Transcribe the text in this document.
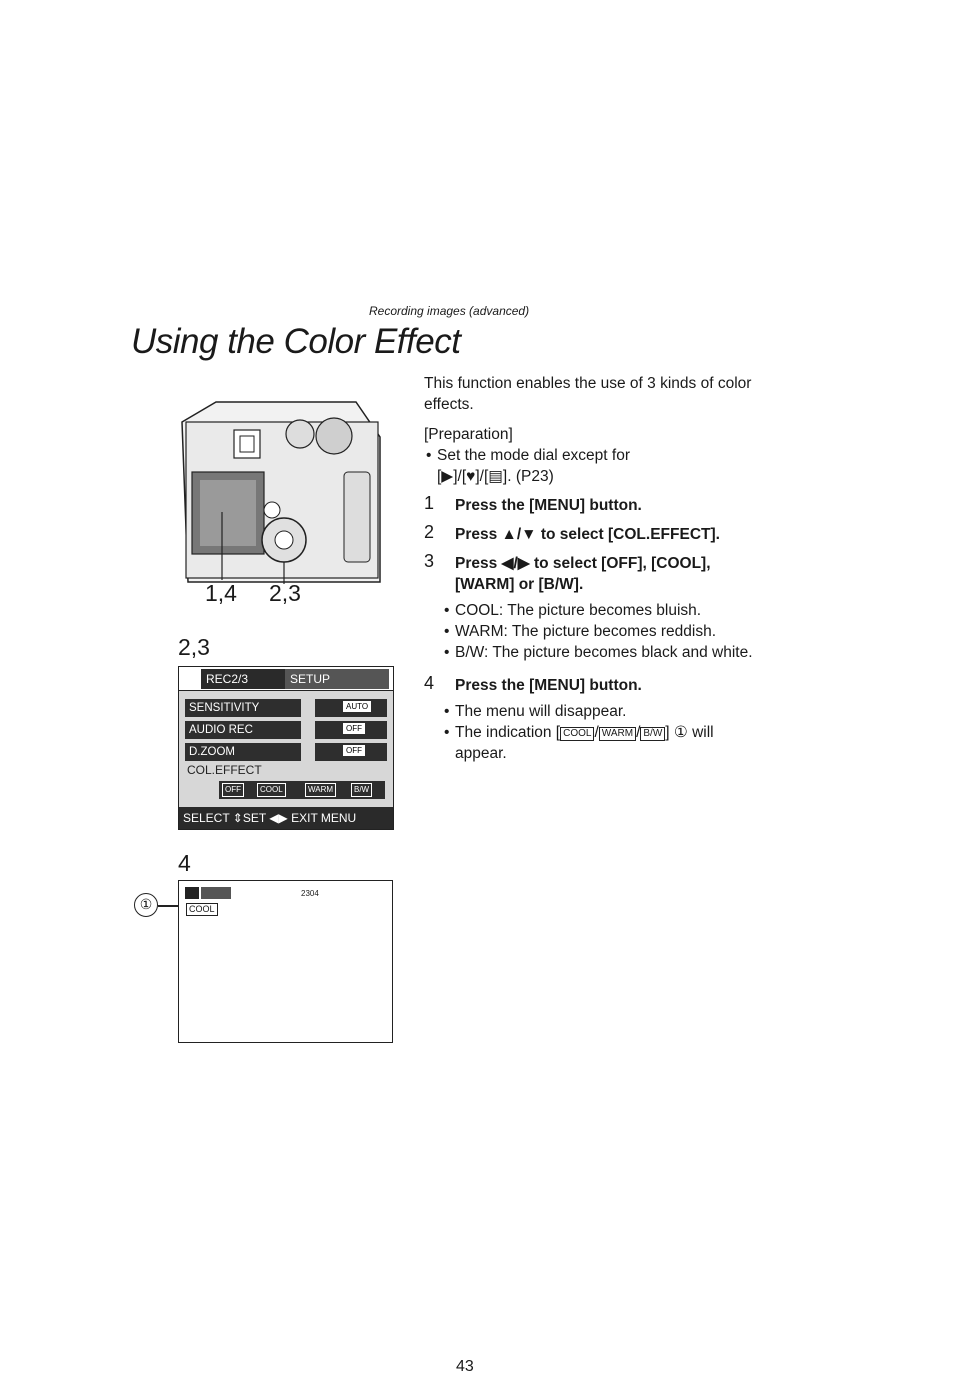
Recording images (advanced)
Using the Color Effect
1,4 2,3
2,3
REC2/3	SETUP
SENSITIVITY	AUTO
AUDIO REC	OFF
D.ZOOM	OFF
COL.EFFECT
OFF	COOL	WARM	B/W
SELECT ⇕SET ◀▶ EXIT MENU
4
①
2304
COOL
This function enables the use of 3 kinds of color effects.
[Preparation]
• Set the mode dial except for
[▶]/[♥]/[▤]. (P23)
1 Press the [MENU] button.
2 Press ▲/▼ to select [COL.EFFECT].
3 Press ◀/▶ to select [OFF], [COOL], [WARM] or [B/W].
• COOL: The picture becomes bluish.
• WARM: The picture becomes reddish.
• B/W: The picture becomes black and white.
4 Press the [MENU] button.
• The menu will disappear.
• The indication [ COOL / WARM / B/W ] ① will appear.
43
